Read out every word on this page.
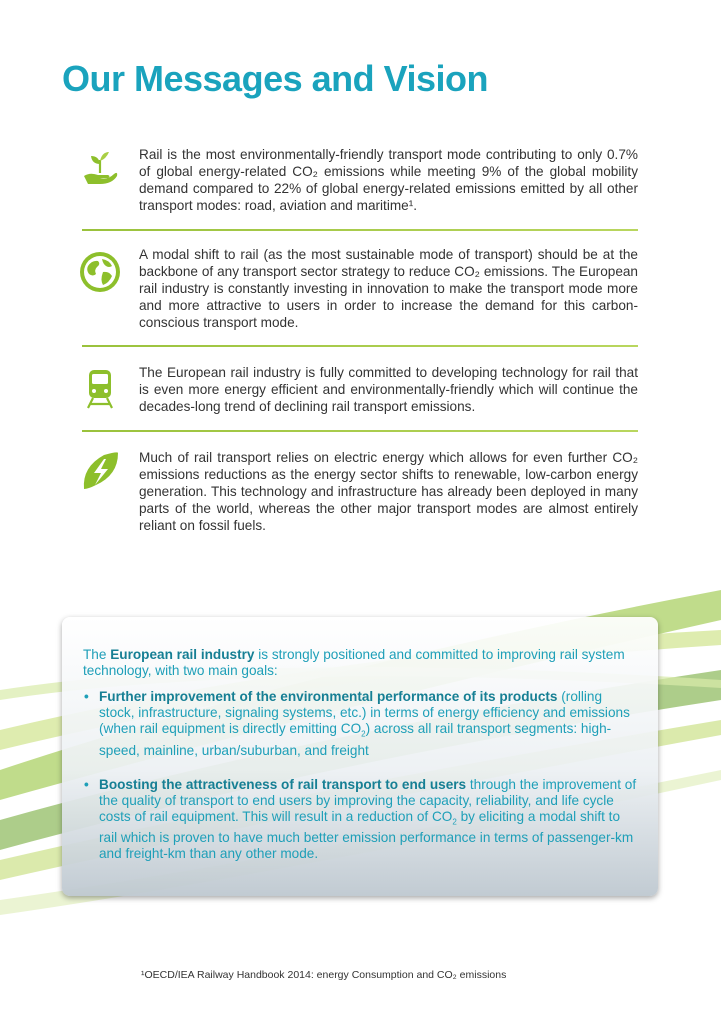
Our Messages and Vision
Rail is the most environmentally-friendly transport mode contributing to only 0.7% of global energy-related CO₂ emissions while meeting 9% of the global mobility demand compared to 22% of global energy-related emissions emitted by all other transport modes: road, aviation and maritime¹.
A modal shift to rail (as the most sustainable mode of transport) should be at the backbone of any transport sector strategy to reduce CO₂ emissions. The European rail industry is constantly investing in innovation to make the transport mode more and more attractive to users in order to increase the demand for this carbon-conscious transport mode.
The European rail industry is fully committed to developing technology for rail that is even more energy efficient and environmentally-friendly which will continue the decades-long trend of declining rail transport emissions.
Much of rail transport relies on electric energy which allows for even further CO₂ emissions reductions as the energy sector shifts to renewable, low-carbon energy generation. This technology and infrastructure has already been deployed in many parts of the world, whereas the other major transport modes are almost entirely reliant on fossil fuels.
The European rail industry is strongly positioned and committed to improving rail system technology, with two main goals:
• Further improvement of the environmental performance of its products (rolling stock, infrastructure, signaling systems, etc.) in terms of energy efficiency and emissions (when rail equipment is directly emitting $CO_2$) across all rail transport segments: high-speed, mainline, urban/suburban, and freight
• Boosting the attractiveness of rail transport to end users through the improvement of the quality of transport to end users by improving the capacity, reliability, and life cycle costs of rail equipment. This will result in a reduction of $CO_2$ by eliciting a modal shift to rail which is proven to have much better emission performance in terms of passenger-km and freight-km than any other mode.
¹OECD/IEA Railway Handbook 2014: energy Consumption and CO₂ emissions
